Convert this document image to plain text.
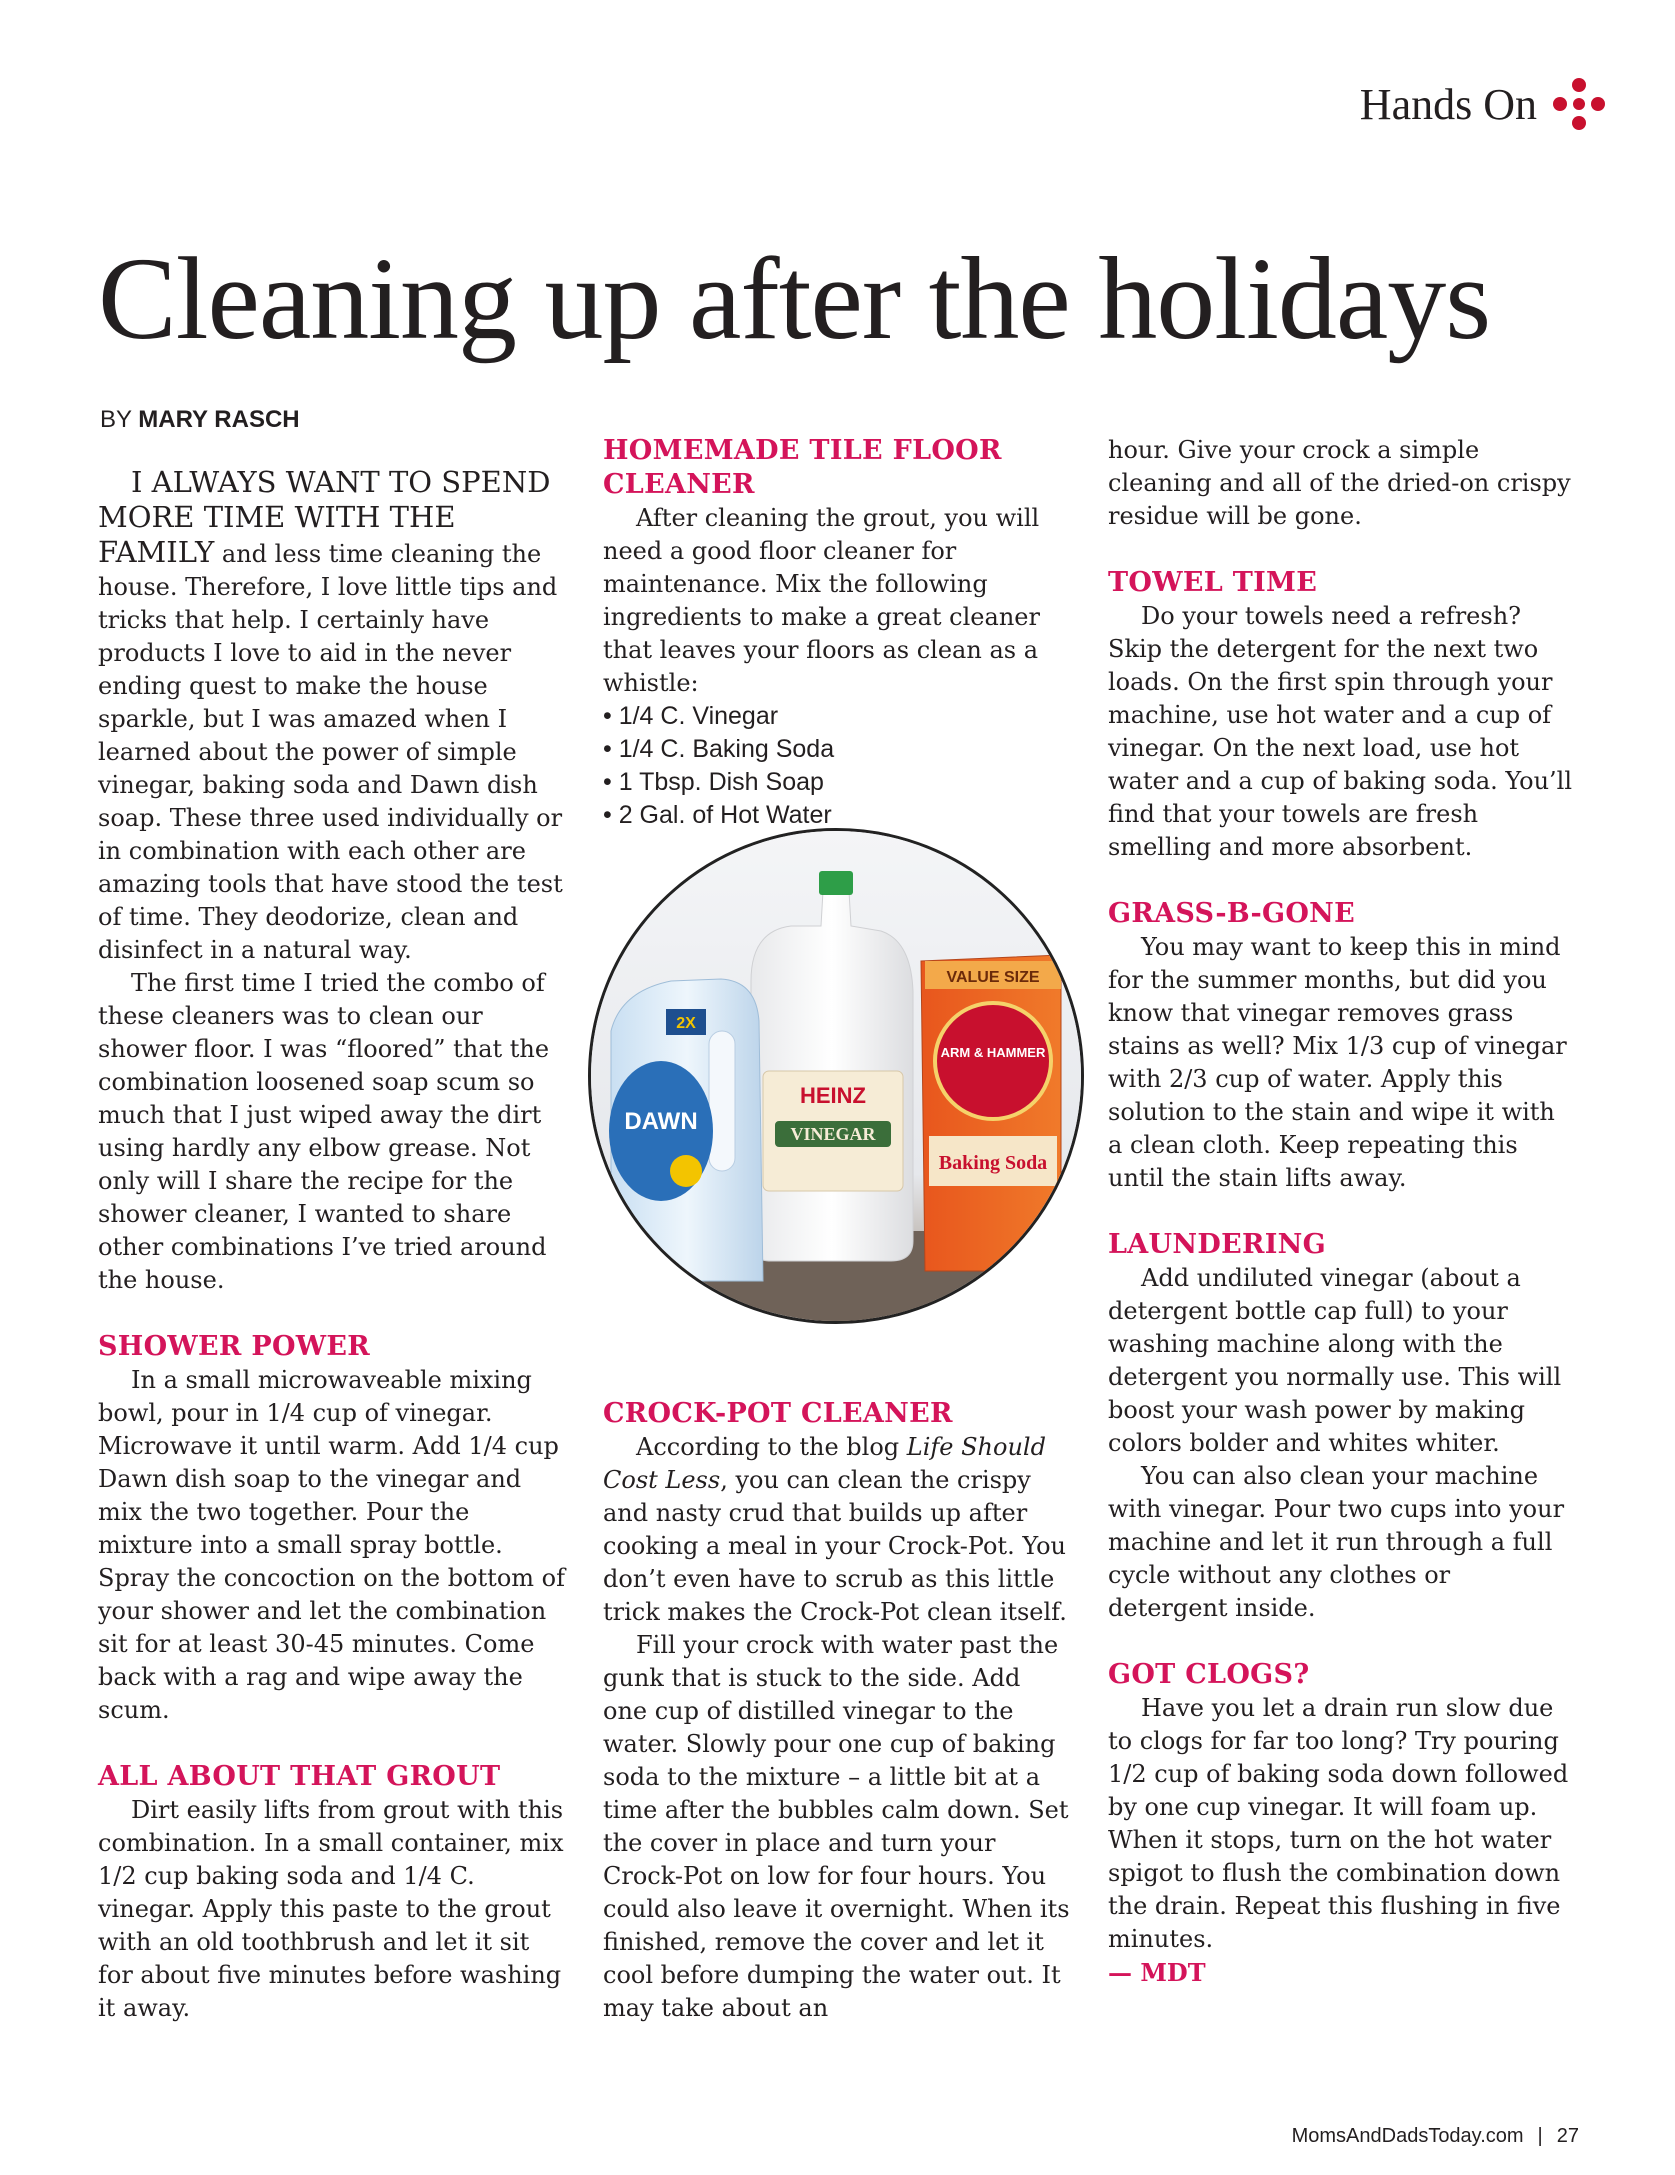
Hands On
Cleaning up after the holidays
BY MARY RASCH

I ALWAYS WANT TO SPEND MORE TIME WITH THE FAMILY and less time cleaning the house. Therefore, I love little tips and tricks that help. I certainly have products I love to aid in the never ending quest to make the house sparkle, but I was amazed when I learned about the power of simple vinegar, baking soda and Dawn dish soap. These three used individually or in combination with each other are amazing tools that have stood the test of time. They deodorize, clean and disinfect in a natural way.

The first time I tried the combo of these cleaners was to clean our shower floor. I was “floored” that the combination loosened soap scum so much that I just wiped away the dirt using hardly any elbow grease. Not only will I share the recipe for the shower cleaner, I wanted to share other combinations I’ve tried around the house.

SHOWER POWER

In a small microwaveable mixing bowl, pour in 1/4 cup of vinegar. Microwave it until warm. Add 1/4 cup Dawn dish soap to the vinegar and mix the two together. Pour the mixture into a small spray bottle. Spray the concoction on the bottom of your shower and let the combination sit for at least 30-45 minutes. Come back with a rag and wipe away the scum.

ALL ABOUT THAT GROUT

Dirt easily lifts from grout with this combination. In a small container, mix 1/2 cup baking soda and 1/4 C. vinegar. Apply this paste to the grout with an old toothbrush and let it sit for about five minutes before washing it away.

HOMEMADE TILE FLOOR CLEANER

After cleaning the grout, you will need a good floor cleaner for maintenance. Mix the following ingredients to make a great cleaner that leaves your floors as clean as a whistle:

• 1/4 C. Vinegar
• 1/4 C. Baking Soda
• 1 Tbsp. Dish Soap
• 2 Gal. of Hot Water
HEINZ
VINEGAR
DAWN
2X
VALUE SIZE
ARM & HAMMER
Baking Soda
CROCK-POT CLEANER

According to the blog Life Should Cost Less, you can clean the crispy and nasty crud that builds up after cooking a meal in your Crock-Pot. You don’t even have to scrub as this little trick makes the Crock-Pot clean itself.

Fill your crock with water past the gunk that is stuck to the side. Add one cup of distilled vinegar to the water. Slowly pour one cup of baking soda to the mixture – a little bit at a time after the bubbles calm down. Set the cover in place and turn your Crock-Pot on low for four hours. You could also leave it overnight. When its finished, remove the cover and let it cool before dumping the water out. It may take about an

hour. Give your crock a simple cleaning and all of the dried-on crispy residue will be gone.

TOWEL TIME

Do your towels need a refresh? Skip the detergent for the next two loads. On the first spin through your machine, use hot water and a cup of vinegar. On the next load, use hot water and a cup of baking soda. You’ll find that your towels are fresh smelling and more absorbent.

GRASS-B-GONE

You may want to keep this in mind for the summer months, but did you know that vinegar removes grass stains as well? Mix 1/3 cup of vinegar with 2/3 cup of water. Apply this solution to the stain and wipe it with a clean cloth. Keep repeating this until the stain lifts away.

LAUNDERING

Add undiluted vinegar (about a detergent bottle cap full) to your washing machine along with the detergent you normally use. This will boost your wash power by making colors bolder and whites whiter.

You can also clean your machine with vinegar. Pour two cups into your machine and let it run through a full cycle without any clothes or detergent inside.

GOT CLOGS?

Have you let a drain run slow due to clogs for far too long? Try pouring 1/2 cup of baking soda down followed by one cup vinegar. It will foam up. When it stops, turn on the hot water spigot to flush the combination down the drain. Repeat this flushing in five minutes.

— MDT
MomsAndDadsToday.com | 27
